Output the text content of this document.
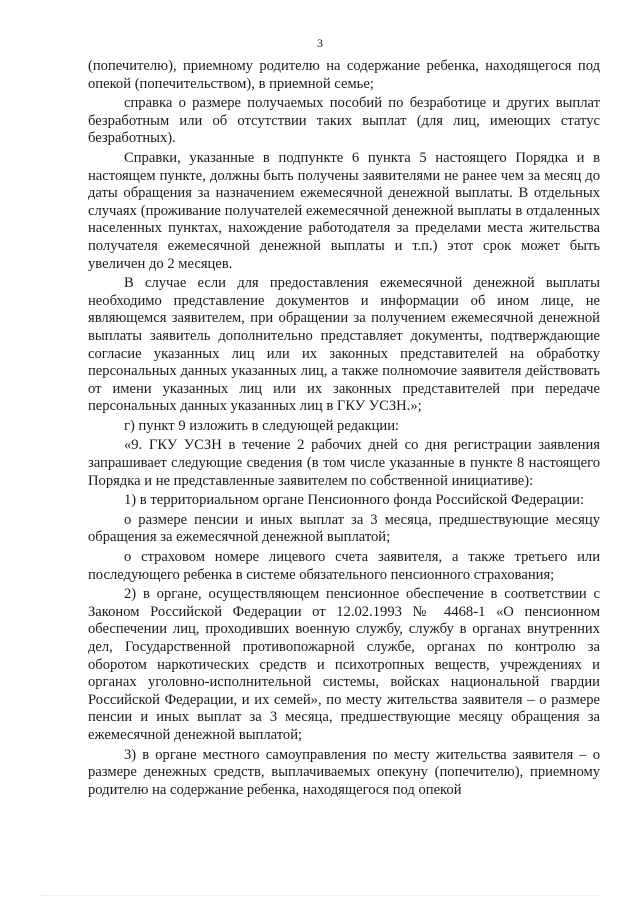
3

(попечителю), приемному родителю на содержание ребенка, находящегося под опекой (попечительством), в приемной семье;

справка о размере получаемых пособий по безработице и других выплат безработным или об отсутствии таких выплат (для лиц, имеющих статус безработных).

Справки, указанные в подпункте 6 пункта 5 настоящего Порядка и в настоящем пункте, должны быть получены заявителями не ранее чем за месяц до даты обращения за назначением ежемесячной денежной выплаты. В отдельных случаях (проживание получателей ежемесячной денежной выплаты в отдаленных населенных пунктах, нахождение работодателя за пределами места жительства получателя ежемесячной денежной выплаты и т.п.) этот срок может быть увеличен до 2 месяцев.

В случае если для предоставления ежемесячной денежной выплаты необходимо представление документов и информации об ином лице, не являющемся заявителем, при обращении за получением ежемесячной денежной выплаты заявитель дополнительно представляет документы, подтверждающие согласие указанных лиц или их законных представителей на обработку персональных данных указанных лиц, а также полномочие заявителя действовать от имени указанных лиц или их законных представителей при передаче персональных данных указанных лиц в ГКУ УСЗН.»;

г) пункт 9 изложить в следующей редакции:

«9. ГКУ УСЗН в течение 2 рабочих дней со дня регистрации заявления запрашивает следующие сведения (в том числе указанные в пункте 8 настоящего Порядка и не представленные заявителем по собственной инициативе):

1) в территориальном органе Пенсионного фонда Российской Федерации:

о размере пенсии и иных выплат за 3 месяца, предшествующие месяцу обращения за ежемесячной денежной выплатой;

о страховом номере лицевого счета заявителя, а также третьего или последующего ребенка в системе обязательного пенсионного страхования;

2) в органе, осуществляющем пенсионное обеспечение в соответствии с Законом Российской Федерации от 12.02.1993 № 4468-1 «О пенсионном обеспечении лиц, проходивших военную службу, службу в органах внутренних дел, Государственной противопожарной службе, органах по контролю за оборотом наркотических средств и психотропных веществ, учреждениях и органах уголовно-исполнительной системы, войсках национальной гвардии Российской Федерации, и их семей», по месту жительства заявителя – о размере пенсии и иных выплат за 3 месяца, предшествующие месяцу обращения за ежемесячной денежной выплатой;

3) в органе местного самоуправления по месту жительства заявителя – о размере денежных средств, выплачиваемых опекуну (попечителю), приемному родителю на содержание ребенка, находящегося под опекой
